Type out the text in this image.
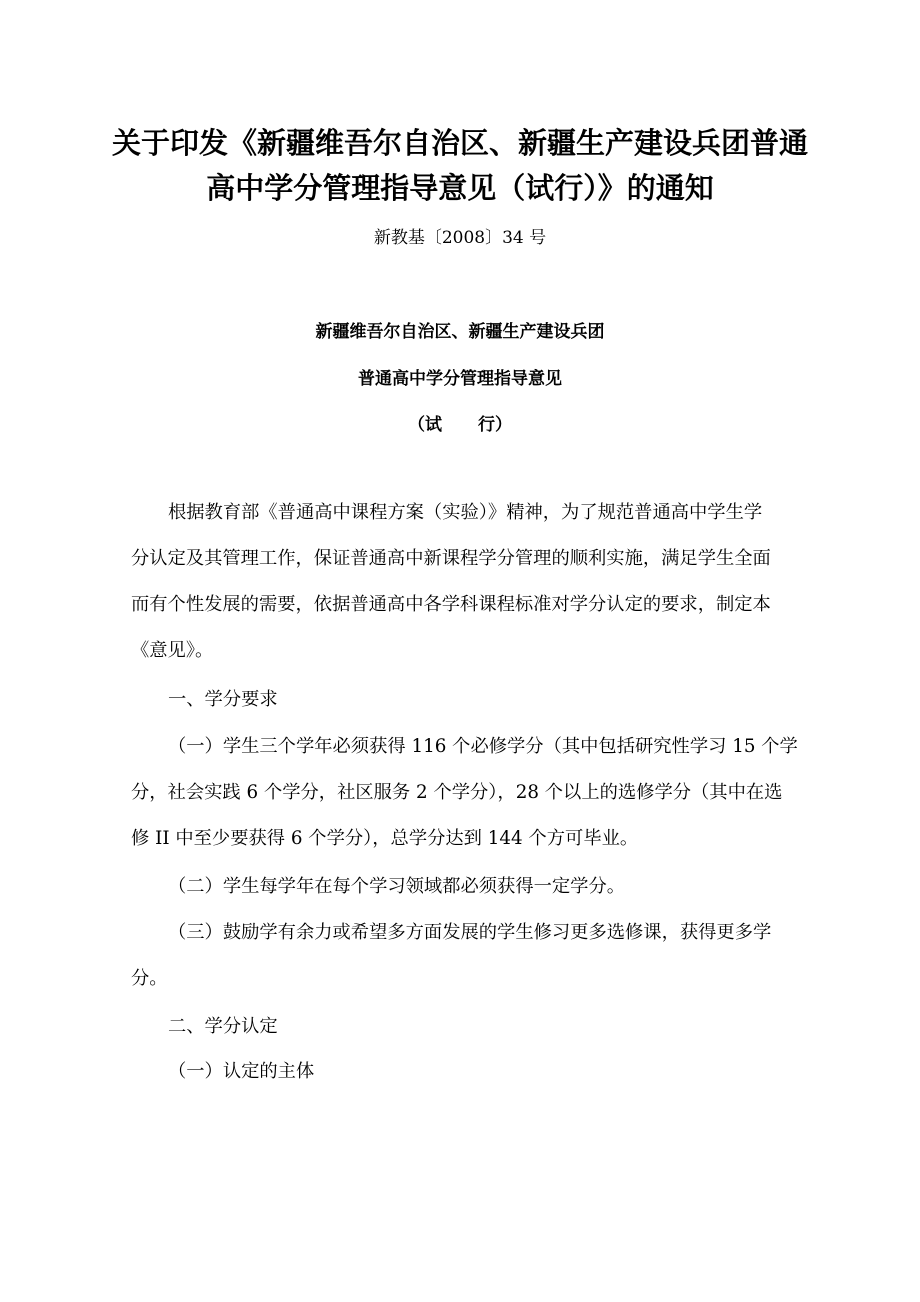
关于印发《新疆维吾尔自治区、新疆生产建设兵团普通
高中学分管理指导意见（试行）》的通知
新教基〔2008〕34 号
新疆维吾尔自治区、新疆生产建设兵团
普通高中学分管理指导意见
（试 行）
根据教育部《普通高中课程方案（实验）》精神，为了规范普通高中学生学
分认定及其管理工作，保证普通高中新课程学分管理的顺利实施，满足学生全面
而有个性发展的需要，依据普通高中各学科课程标准对学分认定的要求，制定本
《意见》。
一、学分要求
（一）学生三个学年必须获得 116 个必修学分（其中包括研究性学习 15 个学
分，社会实践 6 个学分，社区服务 2 个学分），28 个以上的选修学分（其中在选
修 II 中至少要获得 6 个学分），总学分达到 144 个方可毕业。
（二）学生每学年在每个学习领域都必须获得一定学分。
（三）鼓励学有余力或希望多方面发展的学生修习更多选修课，获得更多学
分。
二、学分认定
（一）认定的主体
